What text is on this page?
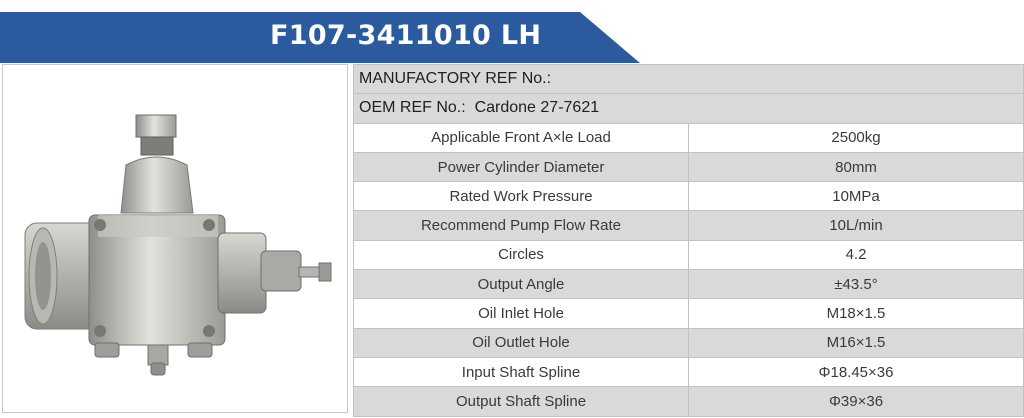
F107-3411010 LH
MANUFACTORY REF No.:	
OEM REF No.: Cardone 27-7621	
Applicable Front A×le Load	2500kg
Power Cylinder Diameter	80mm
Rated Work Pressure	10MPa
Recommend Pump Flow Rate	10L/min
Circles	4.2
Output Angle	±43.5°
Oil Inlet Hole	M18×1.5
Oil Outlet Hole	M16×1.5
Input Shaft Spline	Φ18.45×36
Output Shaft Spline	Φ39×36
